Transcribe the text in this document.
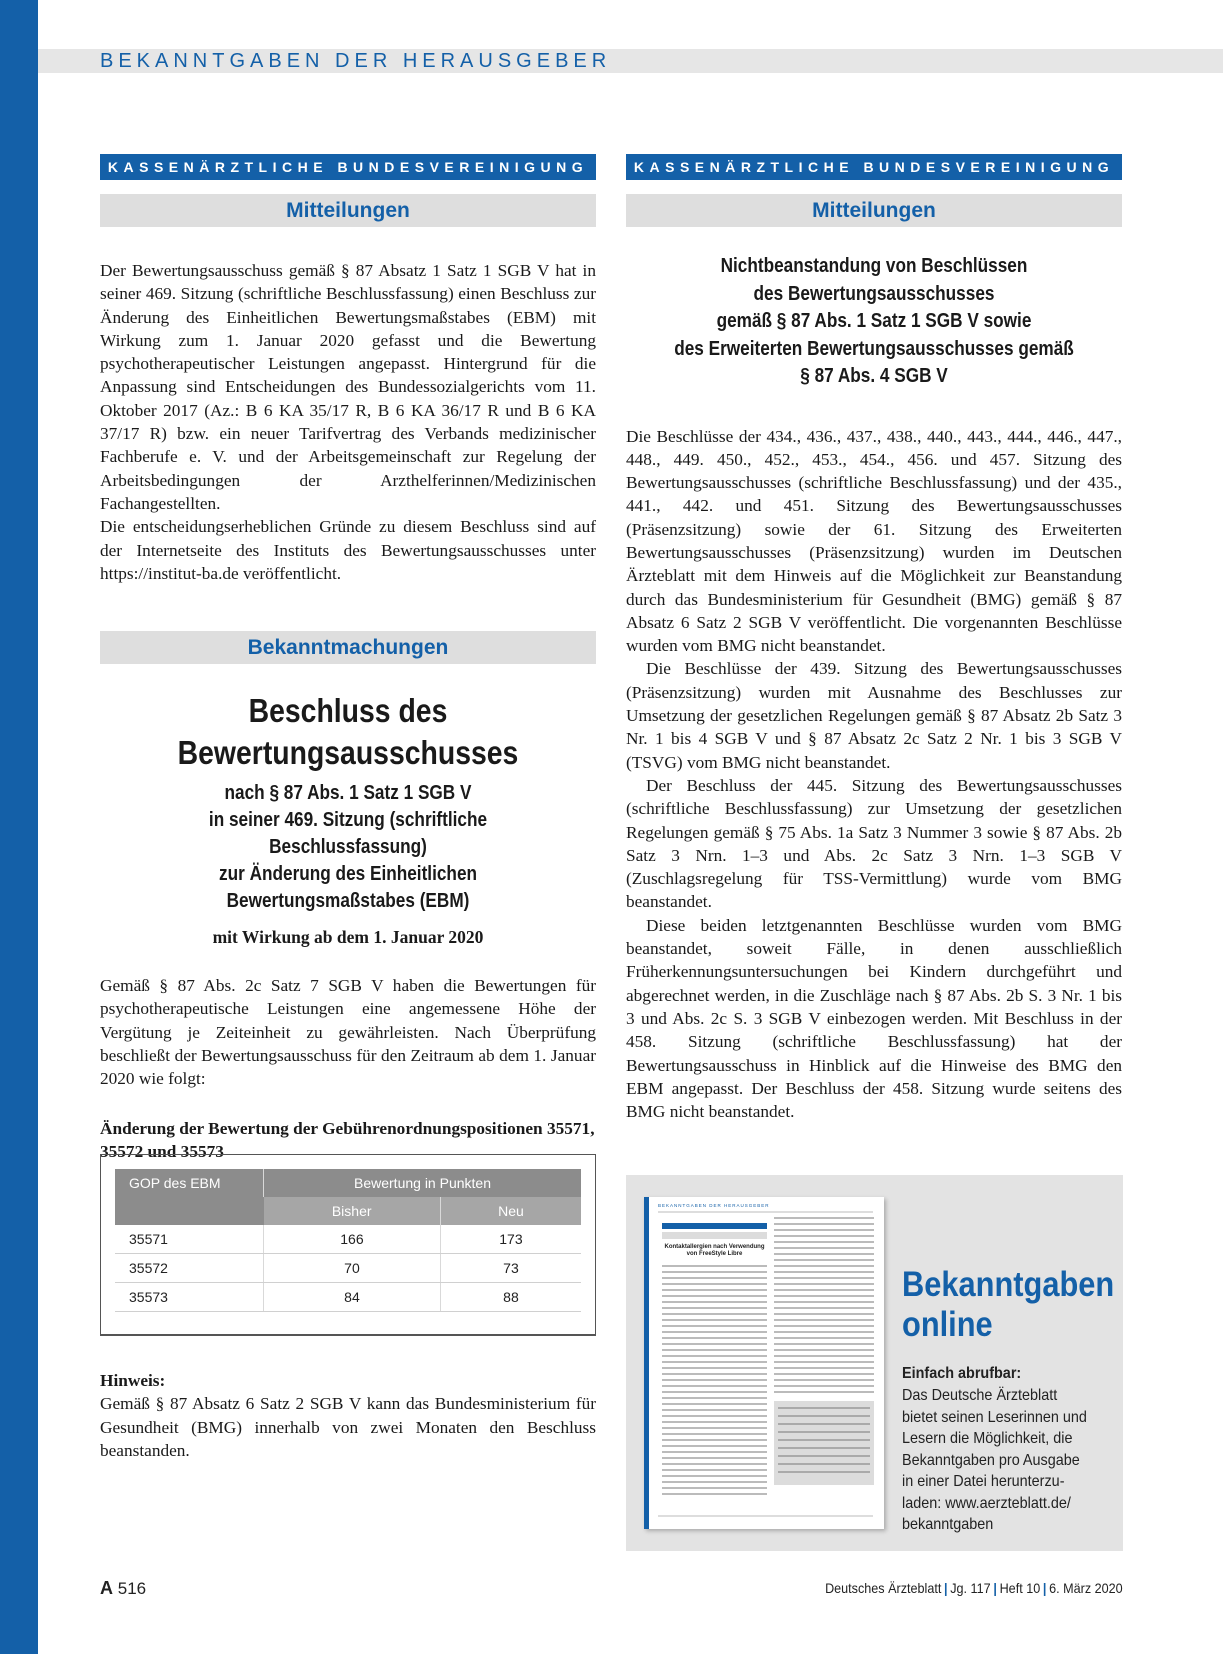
BEKANNTGABEN DER HERAUSGEBER
KASSENÄRZTLICHE BUNDESVEREINIGUNG
Mitteilungen

Der Bewertungsausschuss gemäß § 87 Absatz 1 Satz 1 SGB V hat in seiner 469. Sitzung (schriftliche Beschlussfassung) einen Beschluss zur Änderung des Einheitlichen Bewertungsmaßstabes (EBM) mit Wirkung zum 1. Januar 2020 gefasst und die Bewertung psychotherapeutischer Leistungen angepasst. Hintergrund für die Anpassung sind Entscheidungen des Bundessozialgerichts vom 11. Oktober 2017 (Az.: B 6 KA 35/17 R, B 6 KA 36/17 R und B 6 KA 37/17 R) bzw. ein neuer Tarifvertrag des Verbands medizinischer Fachberufe e. V. und der Arbeitsgemeinschaft zur Regelung der Arbeitsbedingungen der Arzthelferinnen/Medizinischen Fachangestellten.

Die entscheidungserheblichen Gründe zu diesem Beschluss sind auf der Internetseite des Instituts des Bewertungsausschusses unter https://institut-ba.de veröffentlicht.

Bekanntmachungen

Beschluss des

Bewertungsausschusses

nach § 87 Abs. 1 Satz 1 SGB V

in seiner 469. Sitzung (schriftliche Beschlussfassung)

zur Änderung des Einheitlichen Bewertungsmaßstabes (EBM)

mit Wirkung ab dem 1. Januar 2020

Gemäß § 87 Abs. 2c Satz 7 SGB V haben die Bewertungen für psychotherapeutische Leistungen eine angemessene Höhe der Vergütung je Zeiteinheit zu gewährleisten. Nach Überprüfung beschließt der Bewertungsausschuss für den Zeitraum ab dem 1. Januar 2020 wie folgt:

Änderung der Bewertung der Gebührenordnungspositionen 35571, 35572 und 35573

GOP des EBM	Bewertung in Punkten	
	Bisher	Neu
35571	166	173
35572	70	73
35573	84	88

Hinweis:

Gemäß § 87 Absatz 6 Satz 2 SGB V kann das Bundesministerium für Gesundheit (BMG) innerhalb von zwei Monaten den Beschluss beanstanden.

KASSENÄRZTLICHE BUNDESVEREINIGUNG
Mitteilungen
Nichtbeanstandung von Beschlüssen
des Bewertungsausschusses
gemäß § 87 Abs. 1 Satz 1 SGB V sowie
des Erweiterten Bewertungsausschusses gemäß
§ 87 Abs. 4 SGB V

Die Beschlüsse der 434., 436., 437., 438., 440., 443., 444., 446., 447., 448., 449. 450., 452., 453., 454., 456. und 457. Sitzung des Bewertungsausschusses (schriftliche Beschlussfassung) und der 435., 441., 442. und 451. Sitzung des Bewertungsausschusses (Präsenzsitzung) sowie der 61. Sitzung des Erweiterten Bewertungsausschusses (Präsenzsitzung) wurden im Deutschen Ärzteblatt mit dem Hinweis auf die Möglichkeit zur Beanstandung durch das Bundesministerium für Gesundheit (BMG) gemäß § 87 Absatz 6 Satz 2 SGB V veröffentlicht. Die vorgenannten Beschlüsse wurden vom BMG nicht beanstandet.

Die Beschlüsse der 439. Sitzung des Bewertungsausschusses (Präsenzsitzung) wurden mit Ausnahme des Beschlusses zur Umsetzung der gesetzlichen Regelungen gemäß § 87 Absatz 2b Satz 3 Nr. 1 bis 4 SGB V und § 87 Absatz 2c Satz 2 Nr. 1 bis 3 SGB V (TSVG) vom BMG nicht beanstandet.

Der Beschluss der 445. Sitzung des Bewertungsausschusses (schriftliche Beschlussfassung) zur Umsetzung der gesetzlichen Regelungen gemäß § 75 Abs. 1a Satz 3 Nummer 3 sowie § 87 Abs. 2b Satz 3 Nrn. 1–3 und Abs. 2c Satz 3 Nrn. 1–3 SGB V (Zuschlagsregelung für TSS-Vermittlung) wurde vom BMG beanstandet.

Diese beiden letztgenannten Beschlüsse wurden vom BMG beanstandet, soweit Fälle, in denen ausschließlich Früherkennungsuntersuchungen bei Kindern durchgeführt und abgerechnet werden, in die Zuschläge nach § 87 Abs. 2b S. 3 Nr. 1 bis 3 und Abs. 2c S. 3 SGB V einbezogen werden. Mit Beschluss in der 458. Sitzung (schriftliche Beschlussfassung) hat der Bewertungsausschuss in Hinblick auf die Hinweise des BMG den EBM angepasst. Der Beschluss der 458. Sitzung wurde seitens des BMG nicht beanstandet.

BEKANNTGABEN DER HERAUSGEBER
Kontaktallergien nach Verwendung von FreeStyle Libre
Bekanntgaben
online
Einfach abrufbar:
Das Deutsche Ärzteblatt
bietet seinen Leserinnen und
Lesern die Möglichkeit, die
Bekanntgaben pro Ausgabe
in einer Datei herunterzu-
laden: www.aerzteblatt.de/
bekanntgaben
A 516	Deutsches Ärzteblatt | Jg. 117 | Heft 10 | 6. März 2020
